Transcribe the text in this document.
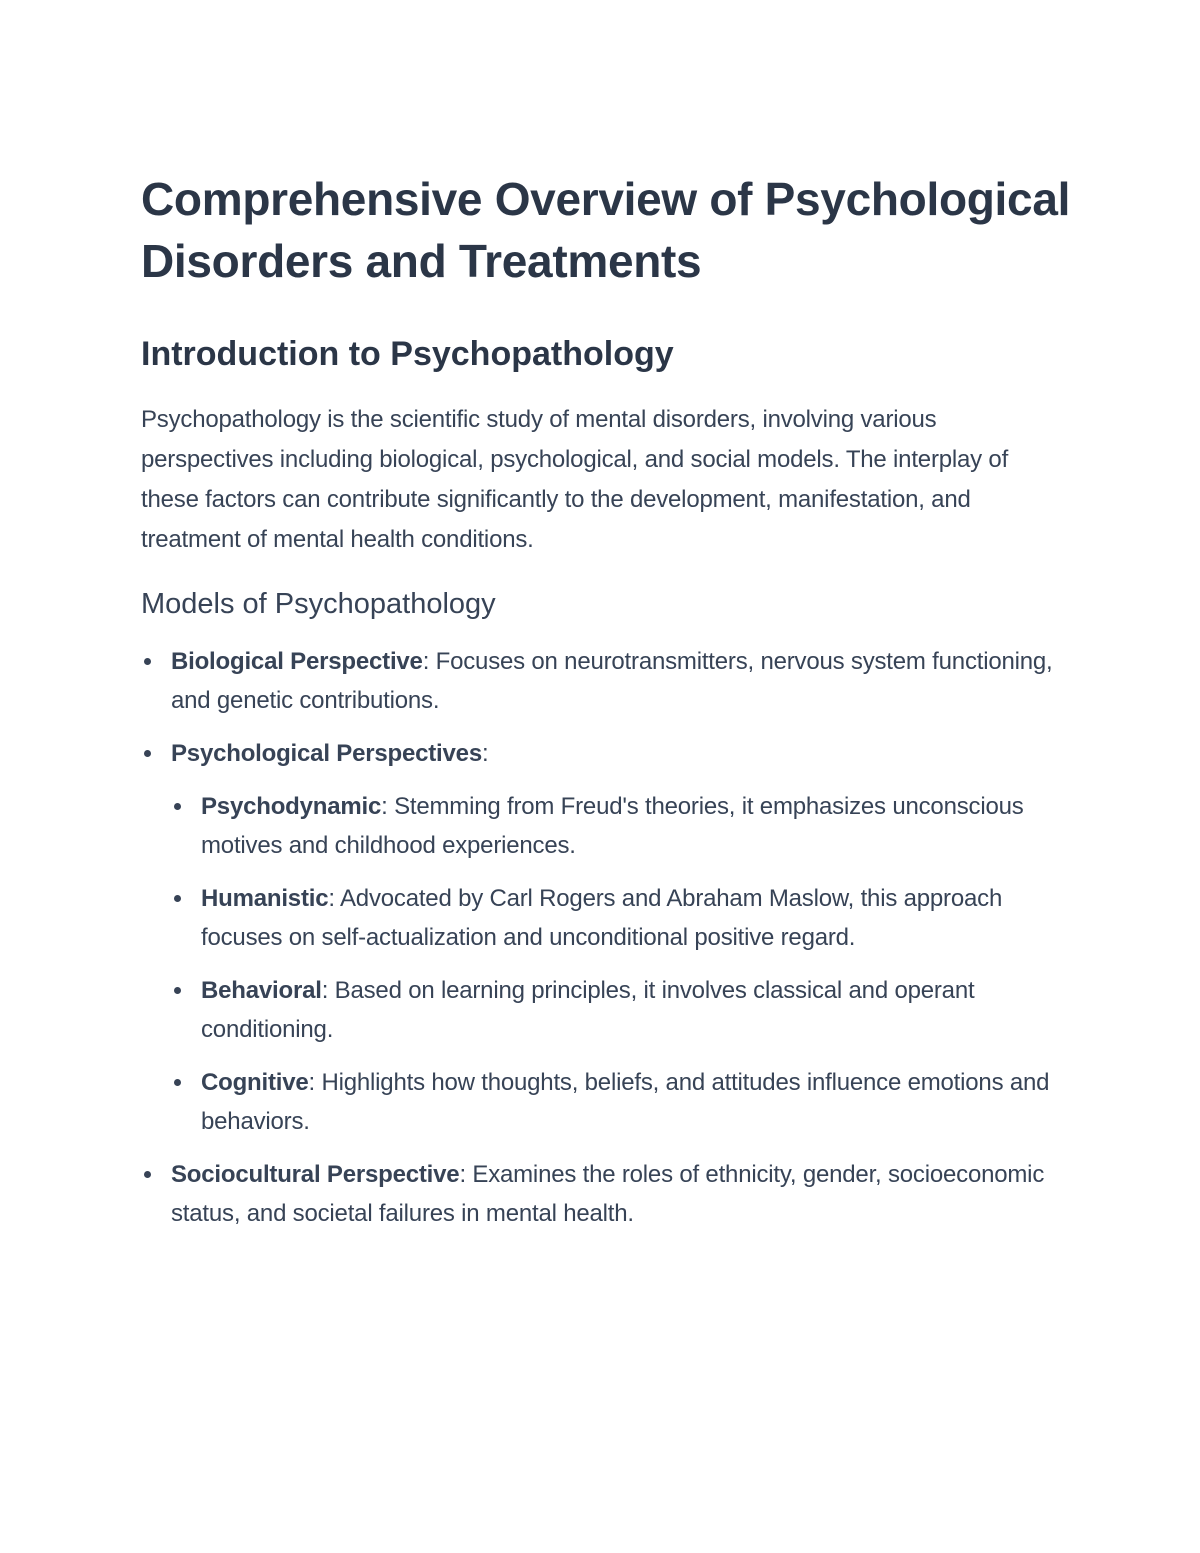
Comprehensive Overview of Psychological Disorders and Treatments
Introduction to Psychopathology

Psychopathology is the scientific study of mental disorders, involving various perspectives including biological, psychological, and social models. The interplay of these factors can contribute significantly to the development, manifestation, and treatment of mental health conditions.

Models of Psychopathology
Biological Perspective: Focuses on neurotransmitters, nervous system functioning, and genetic contributions.
Psychological Perspectives:
Psychodynamic: Stemming from Freud's theories, it emphasizes unconscious motives and childhood experiences.
Humanistic: Advocated by Carl Rogers and Abraham Maslow, this approach focuses on self-actualization and unconditional positive regard.
Behavioral: Based on learning principles, it involves classical and operant conditioning.
Cognitive: Highlights how thoughts, beliefs, and attitudes influence emotions and behaviors.
Sociocultural Perspective: Examines the roles of ethnicity, gender, socioeconomic status, and societal failures in mental health.
